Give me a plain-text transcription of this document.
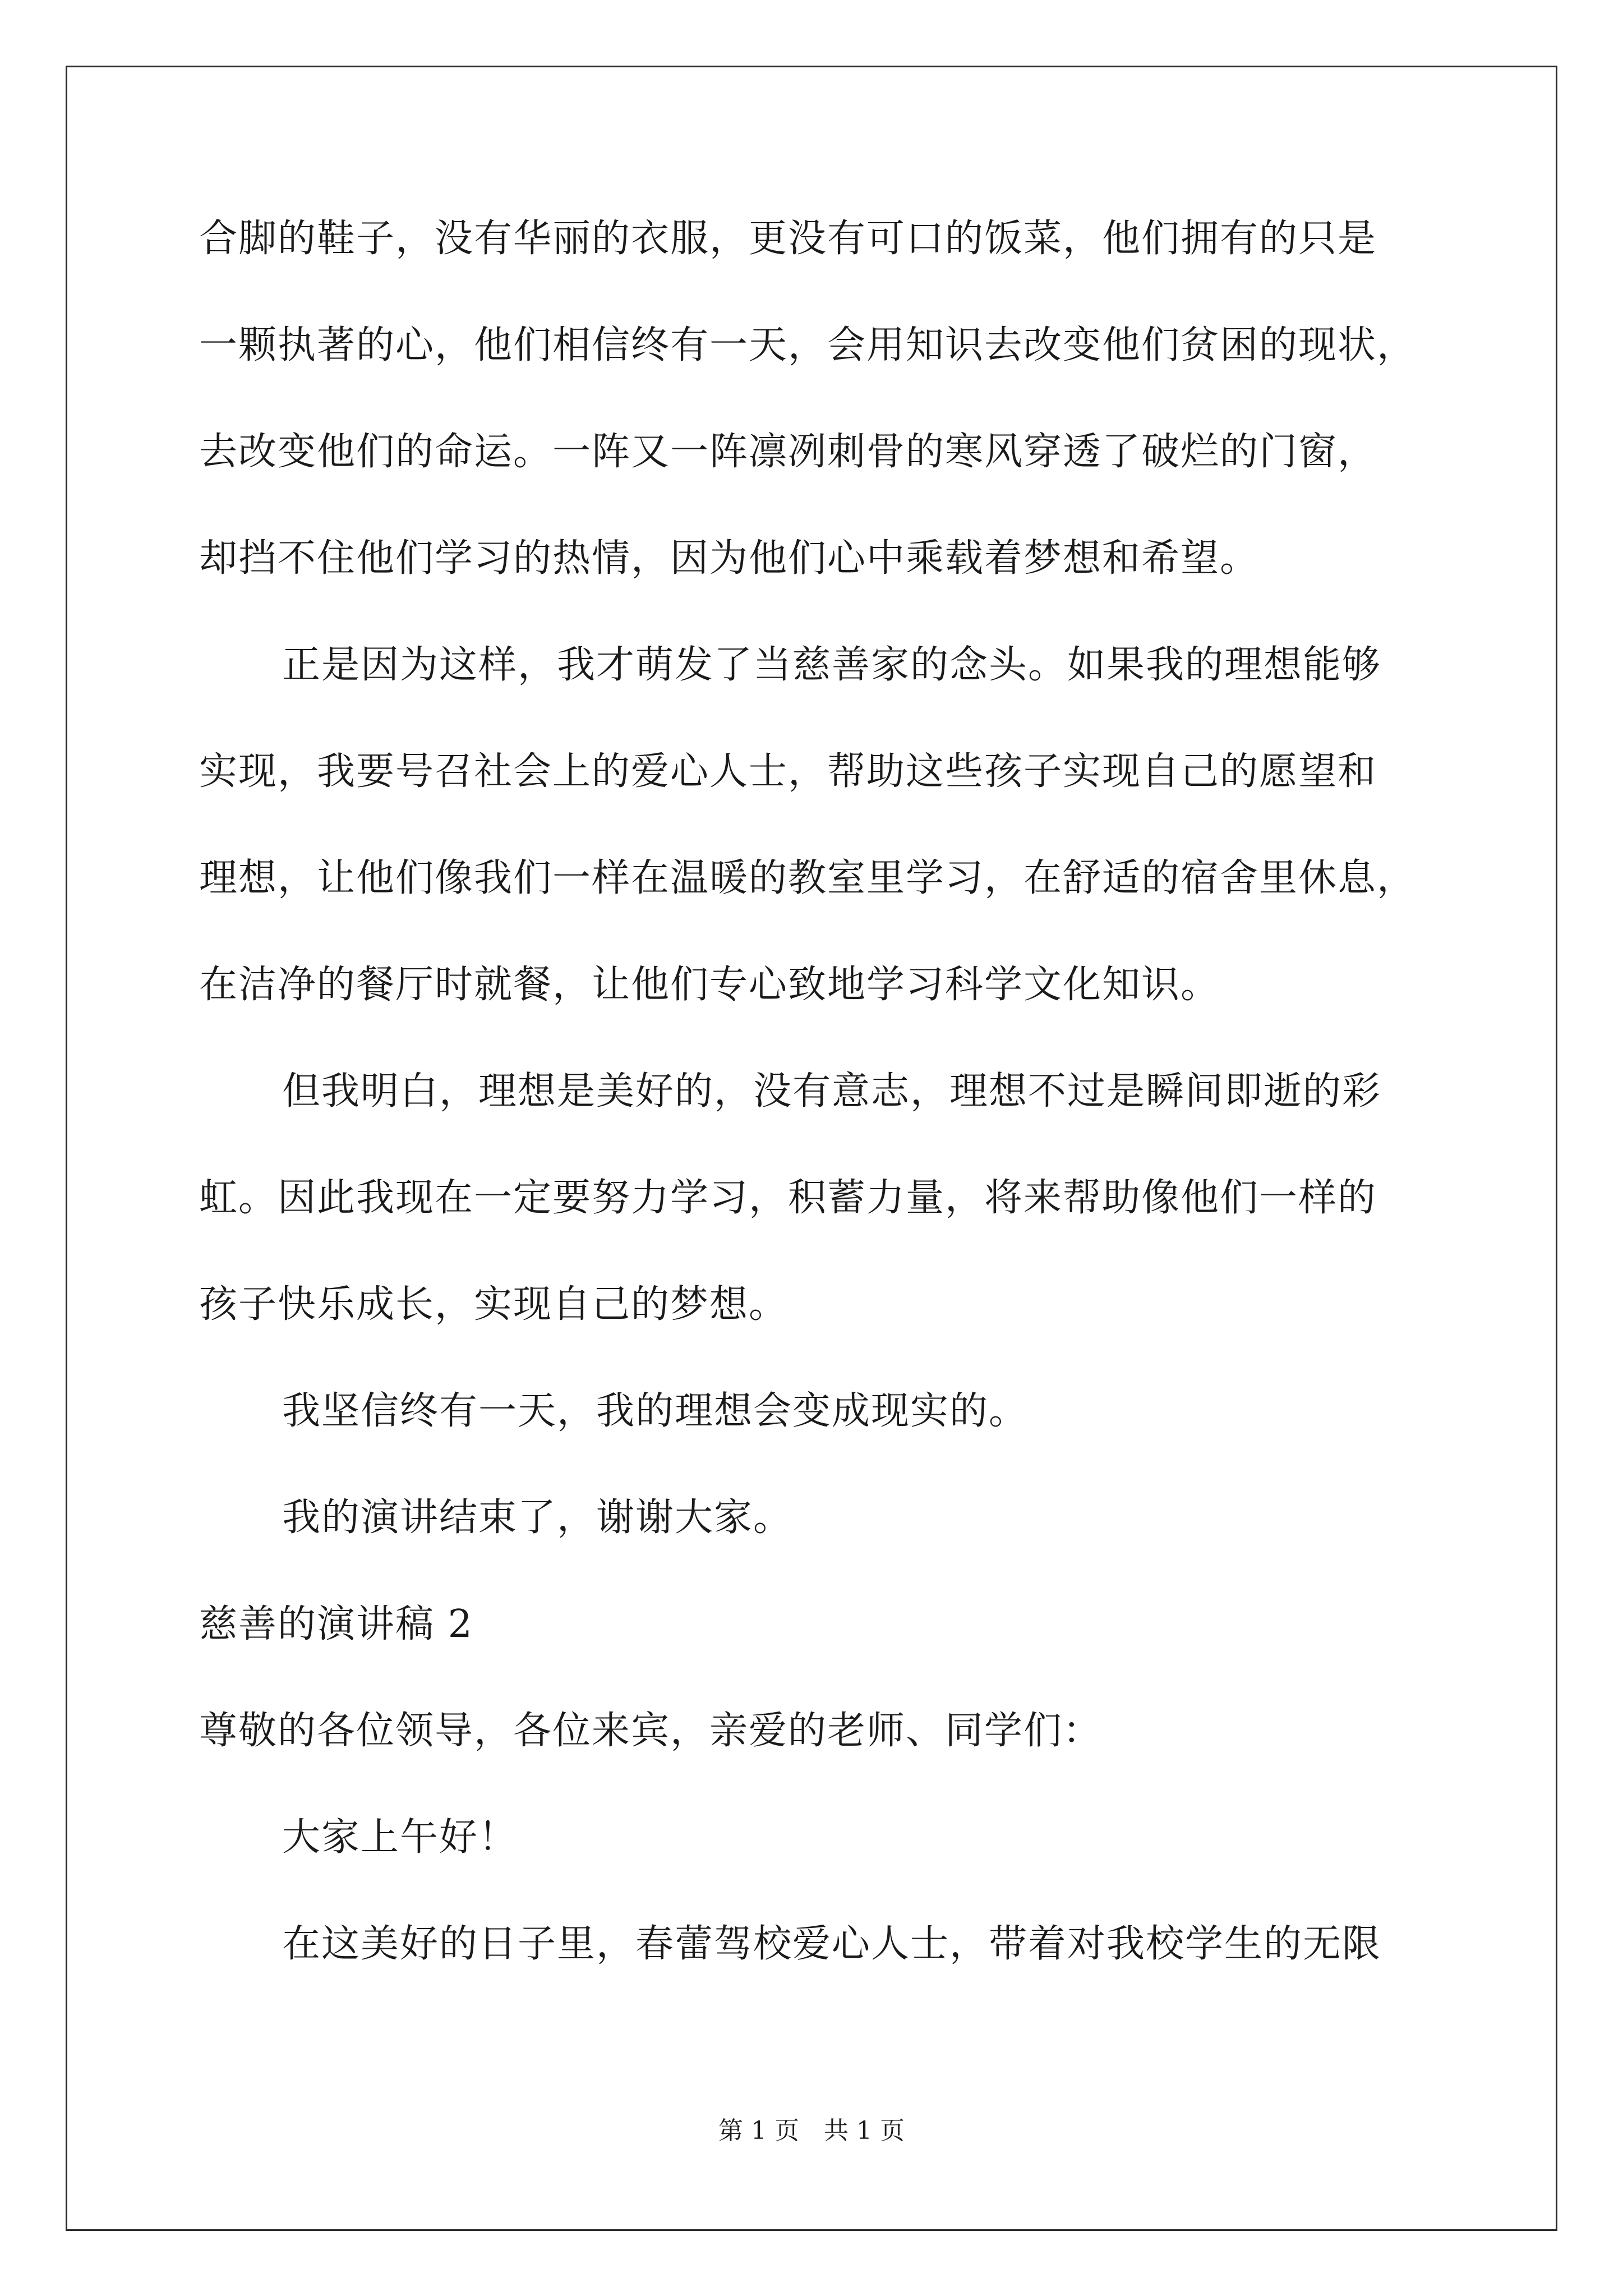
合脚的鞋子，没有华丽的衣服，更没有可口的饭菜，他们拥有的只是

一颗执著的心，他们相信终有一天，会用知识去改变他们贫困的现状，

去改变他们的命运。一阵又一阵凛冽刺骨的寒风穿透了破烂的门窗，

却挡不住他们学习的热情，因为他们心中乘载着梦想和希望。

正是因为这样，我才萌发了当慈善家的念头。如果我的理想能够

实现，我要号召社会上的爱心人士，帮助这些孩子实现自己的愿望和

理想，让他们像我们一样在温暖的教室里学习，在舒适的宿舍里休息，

在洁净的餐厅时就餐，让他们专心致地学习科学文化知识。

但我明白，理想是美好的，没有意志，理想不过是瞬间即逝的彩

虹。因此我现在一定要努力学习，积蓄力量，将来帮助像他们一样的

孩子快乐成长，实现自己的梦想。

我坚信终有一天，我的理想会变成现实的。

我的演讲结束了，谢谢大家。

慈善的演讲稿 2

尊敬的各位领导，各位来宾，亲爱的老师、同学们：

大家上午好！

在这美好的日子里，春蕾驾校爱心人士，带着对我校学生的无限

第 1 页　共 1 页
